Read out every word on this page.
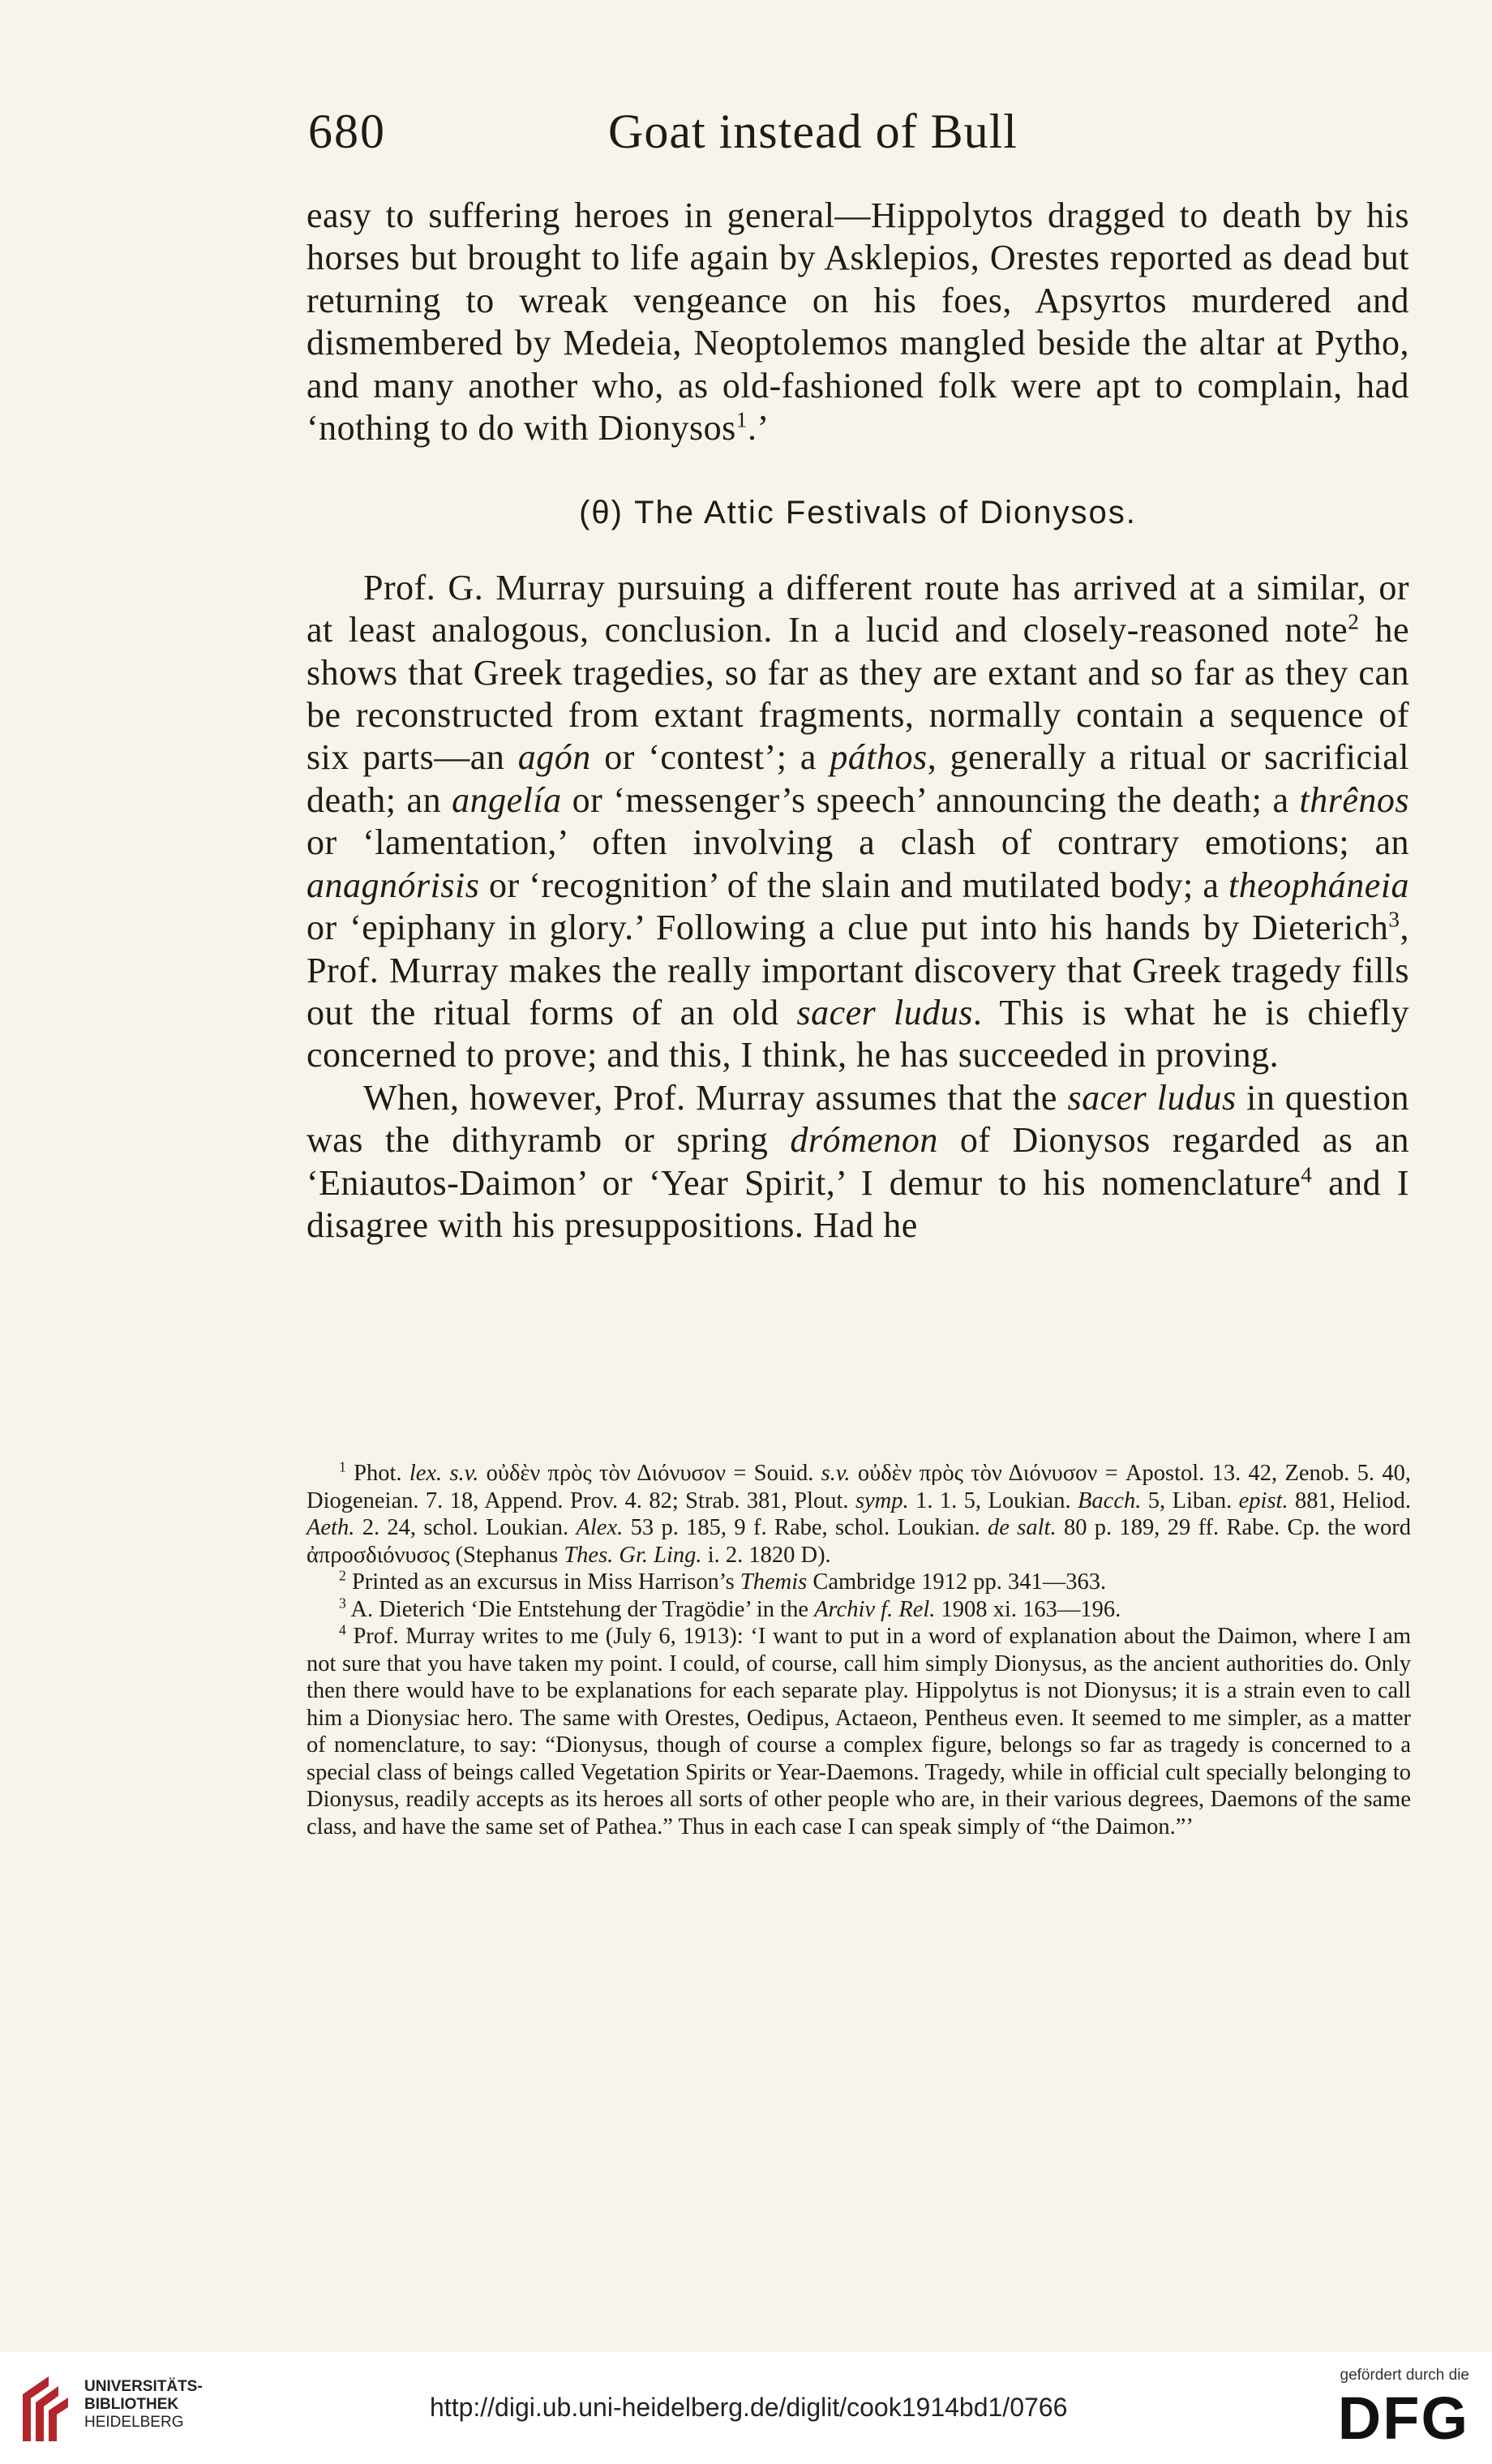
680	Goat instead of Bull

easy to suffering heroes in general—Hippolytos dragged to death by his horses but brought to life again by Asklepios, Orestes reported as dead but returning to wreak vengeance on his foes, Apsyrtos murdered and dismembered by Medeia, Neoptolemos mangled beside the altar at Pytho, and many another who, as old-fashioned folk were apt to complain, had ‘nothing to do with Dionysos$^1$.’

(θ) The Attic Festivals of Dionysos.

Prof. G. Murray pursuing a different route has arrived at a similar, or at least analogous, conclusion. In a lucid and closely-reasoned note$^2$ he shows that Greek tragedies, so far as they are extant and so far as they can be reconstructed from extant fragments, normally contain a sequence of six parts—an agón or ‘contest’; a páthos, generally a ritual or sacrificial death; an angelía or ‘messenger’s speech’ announcing the death; a thrênos or ‘lamentation,’ often involving a clash of contrary emotions; an anagnórisis or ‘recognition’ of the slain and mutilated body; a theopháneia or ‘epiphany in glory.’ Following a clue put into his hands by Dieterich$^3$, Prof. Murray makes the really important discovery that Greek tragedy fills out the ritual forms of an old sacer ludus. This is what he is chiefly concerned to prove; and this, I think, he has succeeded in proving.

When, however, Prof. Murray assumes that the sacer ludus in question was the dithyramb or spring drómenon of Dionysos regarded as an ‘Eniautos-Daimon’ or ‘Year Spirit,’ I demur to his nomenclature$^4$ and I disagree with his presuppositions. Had he

$^1$ Phot. lex. s.v. οὐδὲν πρὸς τὸν Διόνυσον = Souid. s.v. οὐδὲν πρὸς τὸν Διόνυσον = Apostol. 13. 42, Zenob. 5. 40, Diogeneian. 7. 18, Append. Prov. 4. 82; Strab. 381, Plout. symp. 1. 1. 5, Loukian. Bacch. 5, Liban. epist. 881, Heliod. Aeth. 2. 24, schol. Loukian. Alex. 53 p. 185, 9 f. Rabe, schol. Loukian. de salt. 80 p. 189, 29 ff. Rabe. Cp. the word ἀπροσδιόνυσος (Stephanus Thes. Gr. Ling. i. 2. 1820 D).

$^2$ Printed as an excursus in Miss Harrison’s Themis Cambridge 1912 pp. 341—363.

$^3$ A. Dieterich ‘Die Entstehung der Tragödie’ in the Archiv f. Rel. 1908 xi. 163—196.

$^4$ Prof. Murray writes to me (July 6, 1913): ‘I want to put in a word of explanation about the Daimon, where I am not sure that you have taken my point. I could, of course, call him simply Dionysus, as the ancient authorities do. Only then there would have to be explanations for each separate play. Hippolytus is not Dionysus; it is a strain even to call him a Dionysiac hero. The same with Orestes, Oedipus, Actaeon, Pentheus even. It seemed to me simpler, as a matter of nomenclature, to say: “Dionysus, though of course a complex figure, belongs so far as tragedy is concerned to a special class of beings called Vegetation Spirits or Year-Daemons. Tragedy, while in official cult specially belonging to Dionysus, readily accepts as its heroes all sorts of other people who are, in their various degrees, Daemons of the same class, and have the same set of Pathea.” Thus in each case I can speak simply of “the Daimon.”’

UNIVERSITÄTS-
BIBLIOTHEK
HEIDELBERG
http://digi.ub.uni-heidelberg.de/diglit/cook1914bd1/0766
gefördert durch die
DFG
